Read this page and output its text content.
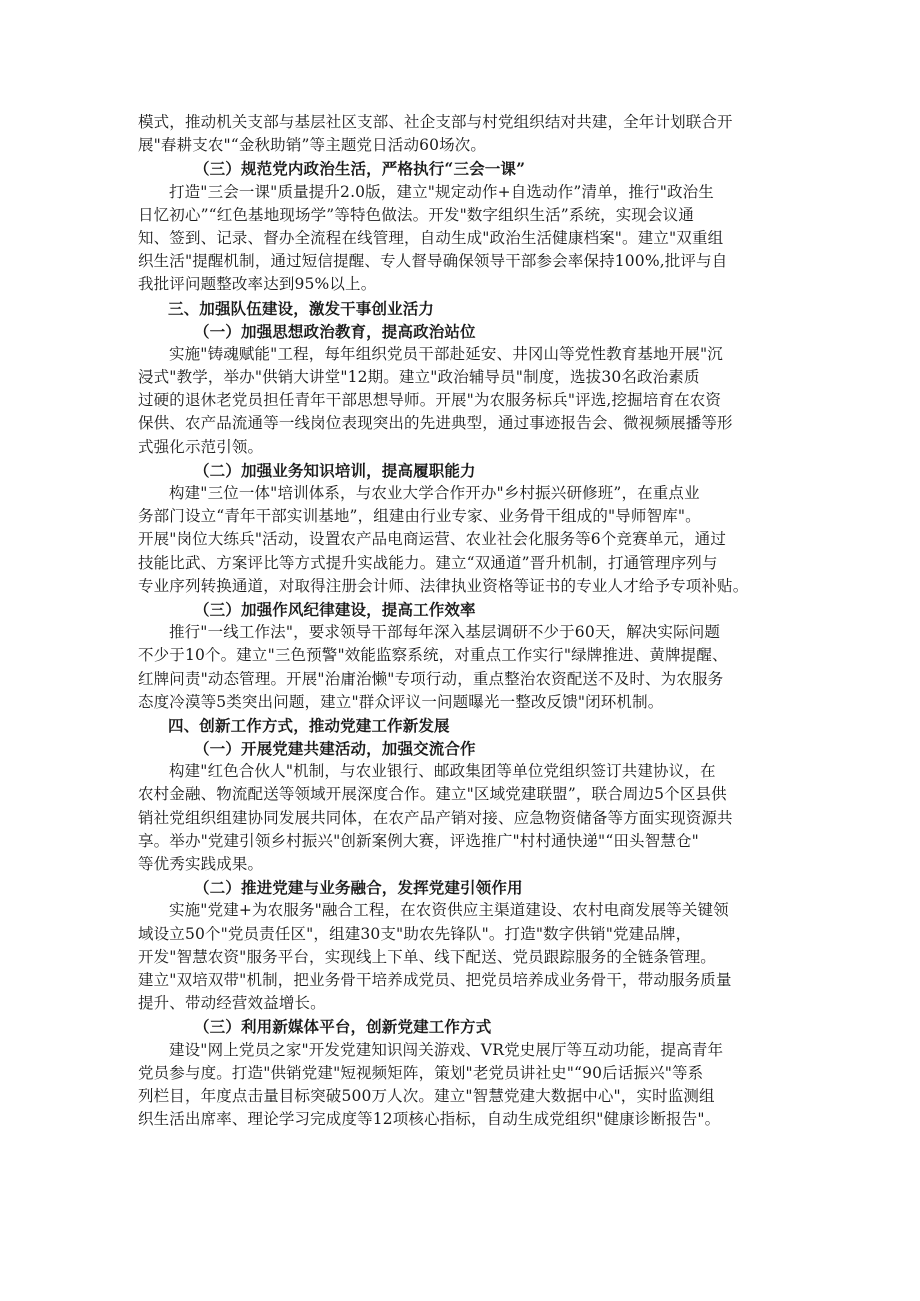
模式，推动机关支部与基层社区支部、社企支部与村党组织结对共建，全年计划联合开
展"春耕支农"“金秋助销”等主题党日活动60场次。
（三）规范党内政治生活，严格执行“三会一课”
打造"三会一课"质量提升2.0版，建立"规定动作+自选动作”清单，推行"政治生
日忆初心”“红色基地现场学”等特色做法。开发"数字组织生活”系统，实现会议通
知、签到、记录、督办全流程在线管理，自动生成"政治生活健康档案"。建立"双重组
织生活"提醒机制，通过短信提醒、专人督导确保领导干部参会率保持100%,批评与自
我批评问题整改率达到95%以上。
三、加强队伍建设，激发干事创业活力
（一）加强思想政治教育，提高政治站位
实施"铸魂赋能"工程，每年组织党员干部赴延安、井冈山等党性教育基地开展"沉
浸式"教学，举办"供销大讲堂"12期。建立"政治辅导员"制度，选拔30名政治素质
过硬的退休老党员担任青年干部思想导师。开展"为农服务标兵"评选,挖掘培育在农资
保供、农产品流通等一线岗位表现突出的先进典型，通过事迹报告会、微视频展播等形
式强化示范引领。
（二）加强业务知识培训，提高履职能力
构建"三位一体"培训体系，与农业大学合作开办"乡村振兴研修班”，在重点业
务部门设立“青年干部实训基地”，组建由行业专家、业务骨干组成的"导师智库"。
开展"岗位大练兵"活动，设置农产品电商运营、农业社会化服务等6个竞赛单元，通过
技能比武、方案评比等方式提升实战能力。建立“双通道”晋升机制，打通管理序列与
专业序列转换通道，对取得注册会计师、法律执业资格等证书的专业人才给予专项补贴。
（三）加强作风纪律建设，提高工作效率
推行"一线工作法"，要求领导干部每年深入基层调研不少于60天，解决实际问题
不少于10个。建立"三色预警"效能监察系统，对重点工作实行"绿牌推进、黄牌提醒、
红牌问责"动态管理。开展"治庸治懒"专项行动，重点整治农资配送不及时、为农服务
态度冷漠等5类突出问题，建立"群众评议一问题曝光一整改反馈"闭环机制。
四、创新工作方式，推动党建工作新发展
（一）开展党建共建活动，加强交流合作
构建"红色合伙人"机制，与农业银行、邮政集团等单位党组织签订共建协议，在
农村金融、物流配送等领域开展深度合作。建立"区域党建联盟”，联合周边5个区县供
销社党组织组建协同发展共同体，在农产品产销对接、应急物资储备等方面实现资源共
享。举办"党建引领乡村振兴"创新案例大赛，评选推广"村村通快递"“田头智慧仓"
等优秀实践成果。
（二）推进党建与业务融合，发挥党建引领作用
实施"党建+为农服务"融合工程，在农资供应主渠道建设、农村电商发展等关键领
域设立50个"党员责任区"，组建30支"助农先锋队"。打造"数字供销"党建品牌，
开发"智慧农资"服务平台，实现线上下单、线下配送、党员跟踪服务的全链条管理。
建立"双培双带"机制，把业务骨干培养成党员、把党员培养成业务骨干，带动服务质量
提升、带动经营效益增长。
（三）利用新媒体平台，创新党建工作方式
建设"网上党员之家"开发党建知识闯关游戏、VR党史展厅等互动功能，提高青年
党员参与度。打造"供销党建"短视频矩阵，策划"老党员讲社史"“90后话振兴"等系
列栏目，年度点击量目标突破500万人次。建立"智慧党建大数据中心"，实时监测组
织生活出席率、理论学习完成度等12项核心指标，自动生成党组织"健康诊断报告"。
